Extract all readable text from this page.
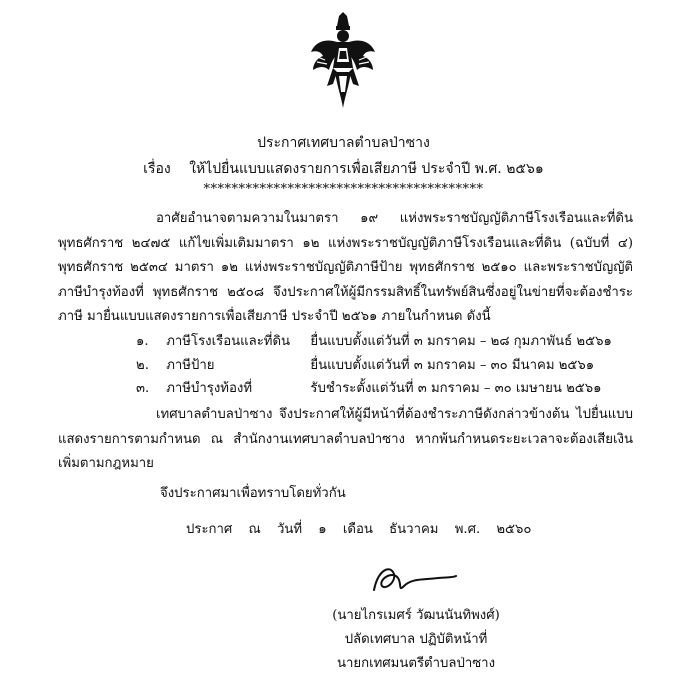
ประกาศเทศบาลตำบลป่าซาง
เรื่อง ให้ไปยื่นแบบแสดงรายการเพื่อเสียภาษี ประจำปี พ.ศ. ๒๕๖๑
****************************************
อาศัยอำนาจตามความในมาตรา ๑๙ แห่งพระราชบัญญัติภาษีโรงเรือนและที่ดิน พุทธศักราช ๒๔๗๕ แก้ไขเพิ่มเติมมาตรา ๑๒ แห่งพระราชบัญญัติภาษีโรงเรือนและที่ดิน (ฉบับที่ ๔) พุทธศักราช ๒๕๓๔ มาตรา ๑๒ แห่งพระราชบัญญัติภาษีป้าย พุทธศักราช ๒๕๑๐ และพระราชบัญญัติภาษีบำรุงท้องที่ พุทธศักราช ๒๕๐๘ จึงประกาศให้ผู้มีกรรมสิทธิ์ในทรัพย์สินซึ่งอยู่ในข่ายที่จะต้องชำระภาษี มายื่นแบบแสดงรายการเพื่อเสียภาษี ประจำปี ๒๕๖๑ ภายในกำหนด ดังนี้
๑. ภาษีโรงเรือนและที่ดิน ยื่นแบบตั้งแต่วันที่ ๓ มกราคม – ๒๘ กุมภาพันธ์ ๒๕๖๑
๒. ภาษีป้าย	ยื่นแบบตั้งแต่วันที่ ๓ มกราคม – ๓๐ มีนาคม ๒๕๖๑
๓. ภาษีบำรุงท้องที่	รับชำระตั้งแต่วันที่ ๓ มกราคม – ๓๐ เมษายน ๒๕๖๑
เทศบาลตำบลป่าซาง จึงประกาศให้ผู้มีหน้าที่ต้องชำระภาษีดังกล่าวข้างต้น ไปยื่นแบบแสดงรายการตามกำหนด ณ สำนักงานเทศบาลตำบลป่าซาง หากพ้นกำหนดระยะเวลาจะต้องเสียเงินเพิ่มตามกฎหมาย
จึงประกาศมาเพื่อทราบโดยทั่วกัน
ประกาศ ณ วันที่ ๑ เดือน ธันวาคม พ.ศ. ๒๕๖๐
(นายไกรเมศร์ วัฒนนันทิพงศ์)
ปลัดเทศบาล ปฏิบัติหน้าที่
นายกเทศมนตรีตำบลป่าซาง
